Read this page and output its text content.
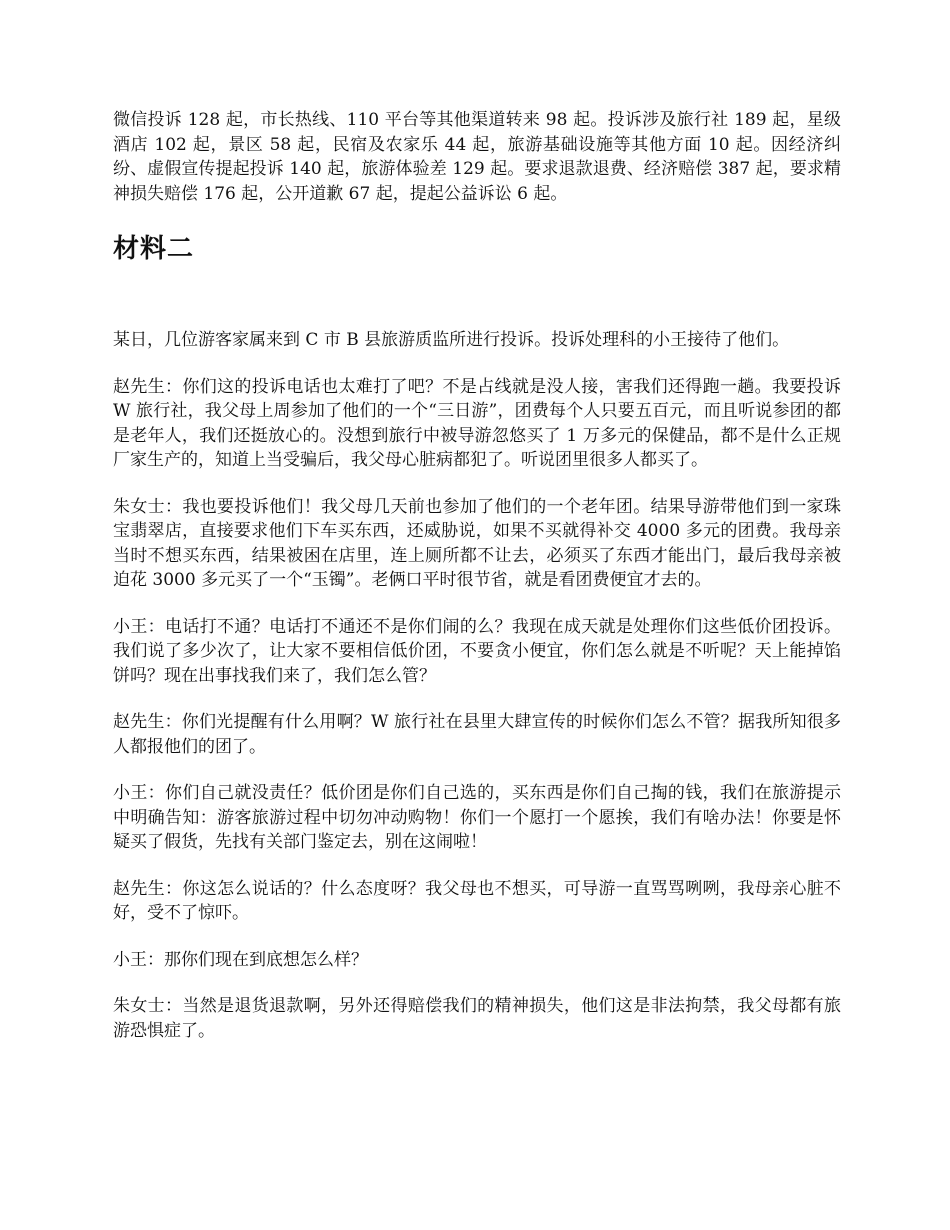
微信投诉 128 起，市长热线、110 平台等其他渠道转来 98 起。投诉涉及旅行社 189 起，星级酒店 102 起，景区 58 起，民宿及农家乐 44 起，旅游基础设施等其他方面 10 起。因经济纠纷、虚假宣传提起投诉 140 起，旅游体验差 129 起。要求退款退费、经济赔偿 387 起，要求精神损失赔偿 176 起，公开道歉 67 起，提起公益诉讼 6 起。

材料二

某日，几位游客家属来到 C 市 B 县旅游质监所进行投诉。投诉处理科的小王接待了他们。

赵先生：你们这的投诉电话也太难打了吧？不是占线就是没人接，害我们还得跑一趟。我要投诉 W 旅行社，我父母上周参加了他们的一个“三日游”，团费每个人只要五百元，而且听说参团的都是老年人，我们还挺放心的。没想到旅行中被导游忽悠买了 1 万多元的保健品，都不是什么正规厂家生产的，知道上当受骗后，我父母心脏病都犯了。听说团里很多人都买了。

朱女士：我也要投诉他们！我父母几天前也参加了他们的一个老年团。结果导游带他们到一家珠宝翡翠店，直接要求他们下车买东西，还威胁说，如果不买就得补交 4000 多元的团费。我母亲当时不想买东西，结果被困在店里，连上厕所都不让去，必须买了东西才能出门，最后我母亲被迫花 3000 多元买了一个“玉镯”。老俩口平时很节省，就是看团费便宜才去的。

小王：电话打不通？电话打不通还不是你们闹的么？我现在成天就是处理你们这些低价团投诉。我们说了多少次了，让大家不要相信低价团，不要贪小便宜，你们怎么就是不听呢？天上能掉馅饼吗？现在出事找我们来了，我们怎么管？

赵先生：你们光提醒有什么用啊？W 旅行社在县里大肆宣传的时候你们怎么不管？据我所知很多人都报他们的团了。

小王：你们自己就没责任？低价团是你们自己选的，买东西是你们自己掏的钱，我们在旅游提示中明确告知：游客旅游过程中切勿冲动购物！你们一个愿打一个愿挨，我们有啥办法！你要是怀疑买了假货，先找有关部门鉴定去，别在这闹啦！

赵先生：你这怎么说话的？什么态度呀？我父母也不想买，可导游一直骂骂咧咧，我母亲心脏不好，受不了惊吓。

小王：那你们现在到底想怎么样？

朱女士：当然是退货退款啊，另外还得赔偿我们的精神损失，他们这是非法拘禁，我父母都有旅游恐惧症了。
